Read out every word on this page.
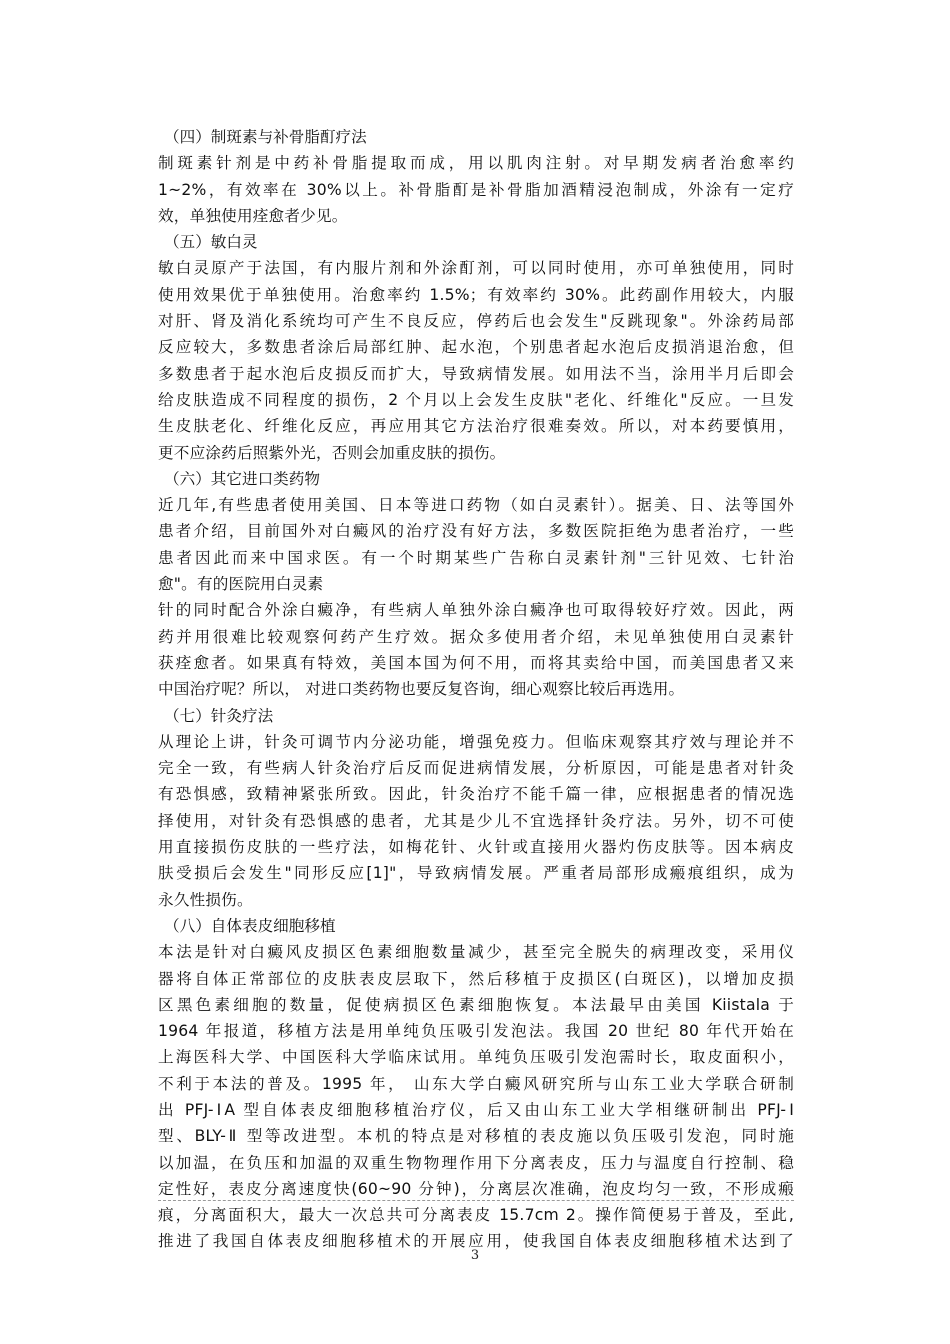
（四）制斑素与补骨脂酊疗法
制斑素针剂是中药补骨脂提取而成，用以肌肉注射。对早期发病者治愈率约
1~2%，有效率在 30%以上。补骨脂酊是补骨脂加酒精浸泡制成，外涂有一定疗
效，单独使用痊愈者少见。
（五）敏白灵
敏白灵原产于法国，有内服片剂和外涂酊剂，可以同时使用，亦可单独使用，同时
使用效果优于单独使用。治愈率约 1.5%；有效率约 30%。此药副作用较大，内服
对肝、肾及消化系统均可产生不良反应，停药后也会发生"反跳现象"。外涂药局部
反应较大，多数患者涂后局部红肿、起水泡，个别患者起水泡后皮损消退治愈，但
多数患者于起水泡后皮损反而扩大，导致病情发展。如用法不当，涂用半月后即会
给皮肤造成不同程度的损伤，2 个月以上会发生皮肤"老化、纤维化"反应。一旦发
生皮肤老化、纤维化反应，再应用其它方法治疗很难奏效。所以，对本药要慎用，
更不应涂药后照紫外光，否则会加重皮肤的损伤。
（六）其它进口类药物
近几年,有些患者使用美国、日本等进口药物（如白灵素针）。据美、日、法等国外
患者介绍，目前国外对白癜风的治疗没有好方法，多数医院拒绝为患者治疗，一些
患者因此而来中国求医。有一个时期某些广告称白灵素针剂"三针见效、七针治
愈"。有的医院用白灵素
针的同时配合外涂白癜净，有些病人单独外涂白癜净也可取得较好疗效。因此，两
药并用很难比较观察何药产生疗效。据众多使用者介绍，未见单独使用白灵素针
获痊愈者。如果真有特效，美国本国为何不用，而将其卖给中国，而美国患者又来
中国治疗呢？所以， 对进口类药物也要反复咨询，细心观察比较后再选用。
（七）针灸疗法
从理论上讲，针灸可调节内分泌功能，增强免疫力。但临床观察其疗效与理论并不
完全一致，有些病人针灸治疗后反而促进病情发展，分析原因，可能是患者对针灸
有恐惧感，致精神紧张所致。因此，针灸治疗不能千篇一律，应根据患者的情况选
择使用，对针灸有恐惧感的患者，尤其是少儿不宜选择针灸疗法。另外，切不可使
用直接损伤皮肤的一些疗法，如梅花针、火针或直接用火器灼伤皮肤等。因本病皮
肤受损后会发生"同形反应[1]"，导致病情发展。严重者局部形成瘢痕组织，成为
永久性损伤。
（八）自体表皮细胞移植
本法是针对白癜风皮损区色素细胞数量减少，甚至完全脱失的病理改变，采用仪
器将自体正常部位的皮肤表皮层取下，然后移植于皮损区(白斑区)，以增加皮损
区黑色素细胞的数量，促使病损区色素细胞恢复。本法最早由美国 Kiistala 于
1964 年报道，移植方法是用单纯负压吸引发泡法。我国 20 世纪 80 年代开始在
上海医科大学、中国医科大学临床试用。单纯负压吸引发泡需时长，取皮面积小，
不利于本法的普及。1995 年， 山东大学白癜风研究所与山东工业大学联合研制
出 PFJ-ⅠA 型自体表皮细胞移植治疗仪，后又由山东工业大学相继研制出 PFJ-Ⅰ
型、BLY-Ⅱ 型等改进型。本机的特点是对移植的表皮施以负压吸引发泡，同时施
以加温，在负压和加温的双重生物物理作用下分离表皮，压力与温度自行控制、稳
定性好，表皮分离速度快(60~90 分钟)，分离层次准确，泡皮均匀一致，不形成瘢
痕，分离面积大，最大一次总共可分离表皮 15.7cm 2。操作简便易于普及，至此,
推进了我国自体表皮细胞移植术的开展应用，使我国自体表皮细胞移植术达到了
3
